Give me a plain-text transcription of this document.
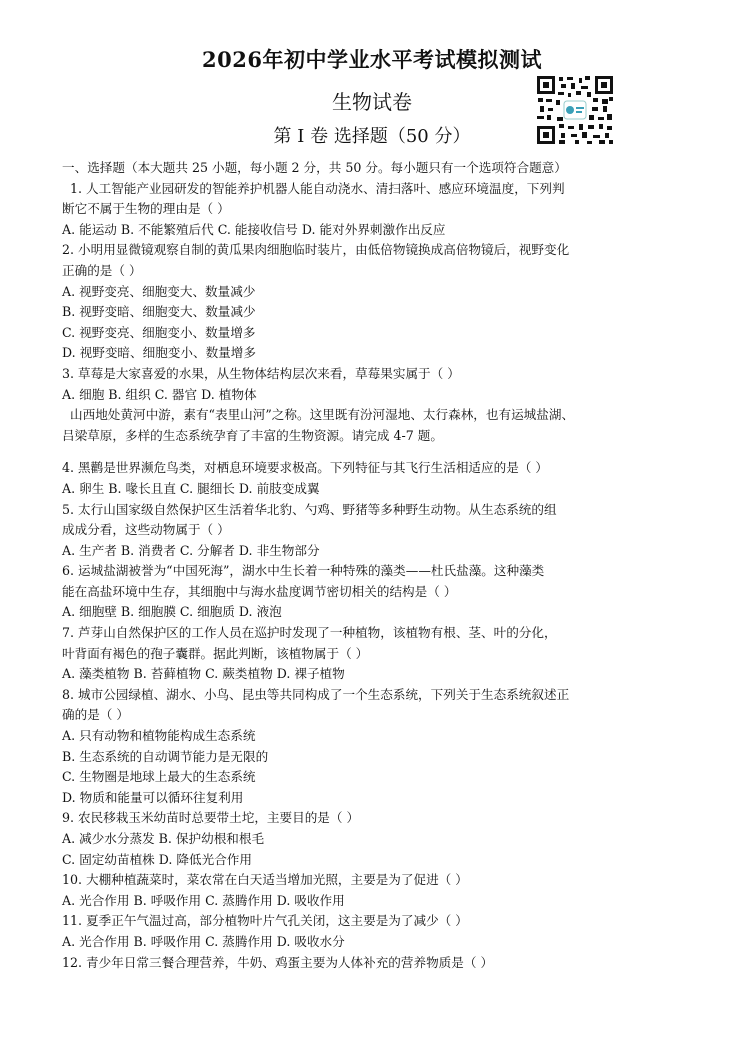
2026年初中学业水平考试模拟测试
生物试卷
第 I 卷 选择题（50 分）
一、选择题（本大题共 25 小题，每小题 2 分，共 50 分。每小题只有一个选项符合题意）
1. 人工智能产业园研发的智能养护机器人能自动浇水、清扫落叶、感应环境温度，下列判
断它不属于生物的理由是（ ）
A. 能运动 B. 不能繁殖后代 C. 能接收信号 D. 能对外界刺激作出反应
2. 小明用显微镜观察自制的黄瓜果肉细胞临时装片，由低倍物镜换成高倍物镜后，视野变化
正确的是（ ）
A. 视野变亮、细胞变大、数量减少
B. 视野变暗、细胞变大、数量减少
C. 视野变亮、细胞变小、数量增多
D. 视野变暗、细胞变小、数量增多
3. 草莓是大家喜爱的水果，从生物体结构层次来看，草莓果实属于（ ）
A. 细胞 B. 组织 C. 器官 D. 植物体
山西地处黄河中游，素有“表里山河”之称。这里既有汾河湿地、太行森林，也有运城盐湖、
吕梁草原，多样的生态系统孕育了丰富的生物资源。请完成 4-7 题。
4. 黑鹳是世界濒危鸟类，对栖息环境要求极高。下列特征与其飞行生活相适应的是（ ）
A. 卵生 B. 喙长且直 C. 腿细长 D. 前肢变成翼
5. 太行山国家级自然保护区生活着华北豹、勺鸡、野猪等多种野生动物。从生态系统的组
成成分看，这些动物属于（ ）
A. 生产者 B. 消费者 C. 分解者 D. 非生物部分
6. 运城盐湖被誉为“中国死海”，湖水中生长着一种特殊的藻类——杜氏盐藻。这种藻类
能在高盐环境中生存，其细胞中与海水盐度调节密切相关的结构是（ ）
A. 细胞壁 B. 细胞膜 C. 细胞质 D. 液泡
7. 芦芽山自然保护区的工作人员在巡护时发现了一种植物，该植物有根、茎、叶的分化，
叶背面有褐色的孢子囊群。据此判断，该植物属于（ ）
A. 藻类植物 B. 苔藓植物 C. 蕨类植物 D. 裸子植物
8. 城市公园绿植、湖水、小鸟、昆虫等共同构成了一个生态系统，下列关于生态系统叙述正
确的是（ ）
A. 只有动物和植物能构成生态系统
B. 生态系统的自动调节能力是无限的
C. 生物圈是地球上最大的生态系统
D. 物质和能量可以循环往复利用
9. 农民移栽玉米幼苗时总要带土坨，主要目的是（ ）
A. 减少水分蒸发 B. 保护幼根和根毛
C. 固定幼苗植株 D. 降低光合作用
10. 大棚种植蔬菜时，菜农常在白天适当增加光照，主要是为了促进（ ）
A. 光合作用 B. 呼吸作用 C. 蒸腾作用 D. 吸收作用
11. 夏季正午气温过高，部分植物叶片气孔关闭，这主要是为了减少（ ）
A. 光合作用 B. 呼吸作用 C. 蒸腾作用 D. 吸收水分
12. 青少年日常三餐合理营养，牛奶、鸡蛋主要为人体补充的营养物质是（ ）
